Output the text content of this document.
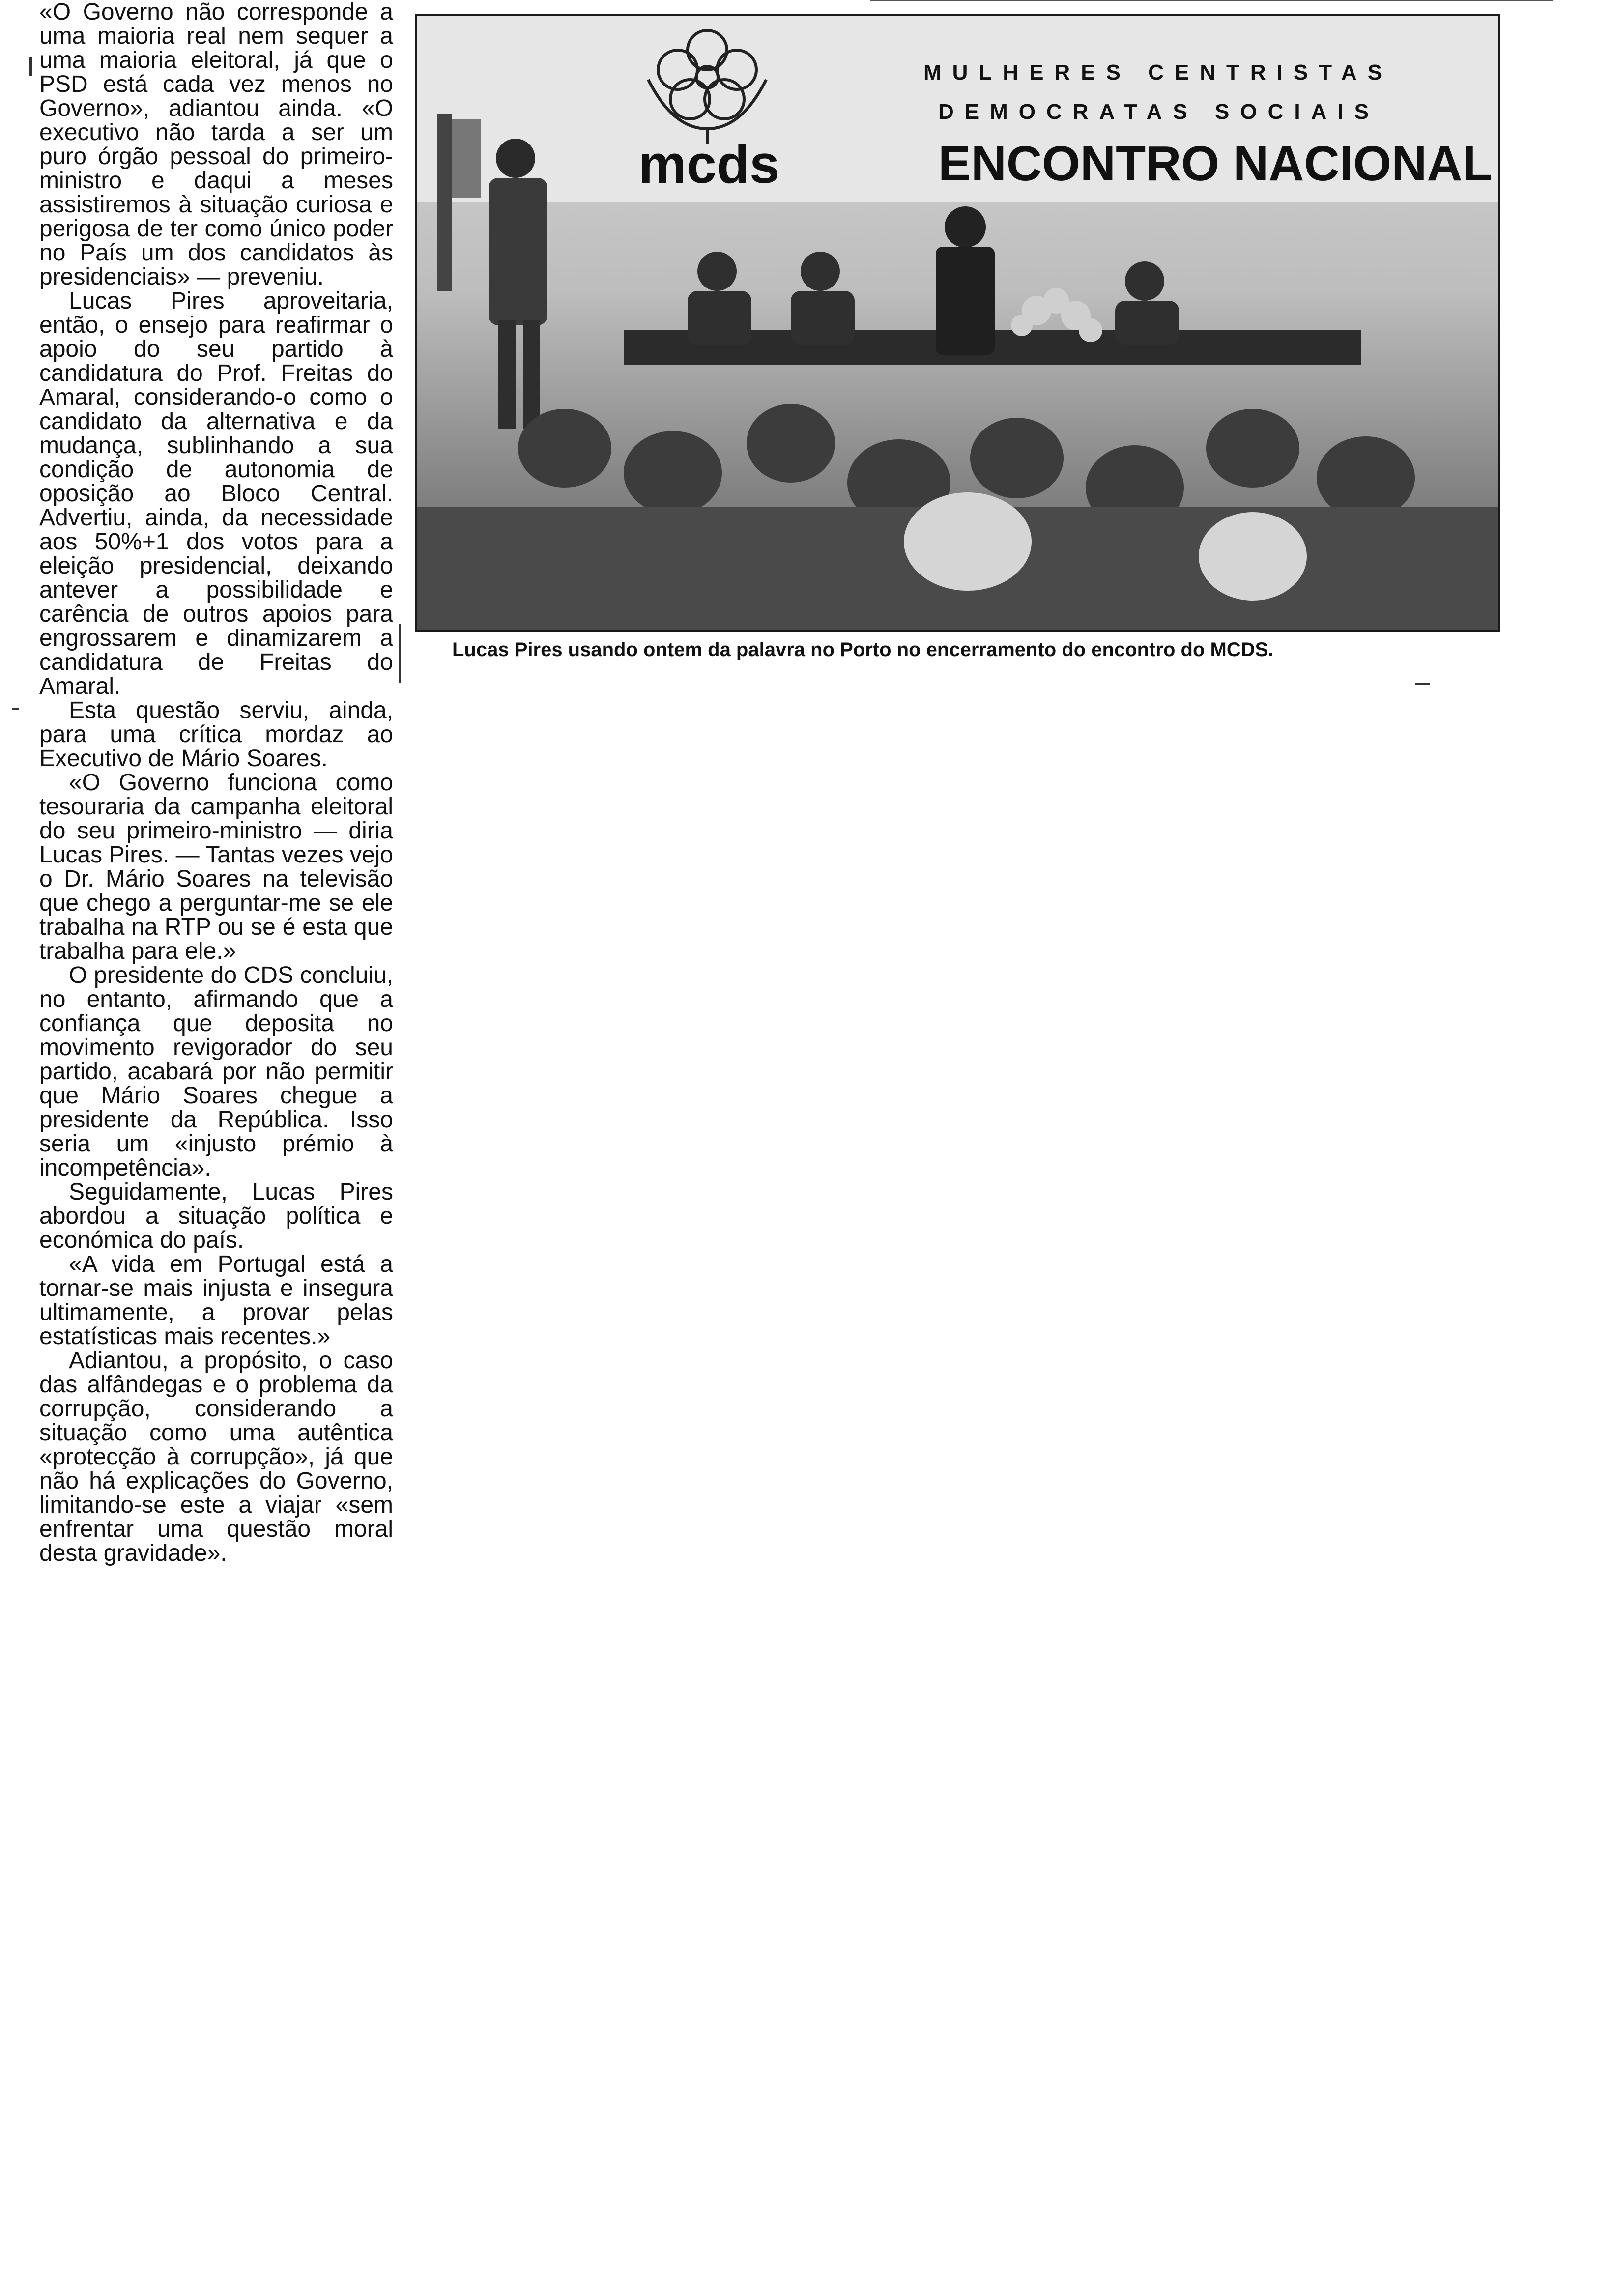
«O Governo não corresponde a uma maioria real nem sequer a uma maioria eleitoral, já que o PSD está cada vez menos no Governo», adiantou ainda. «O executivo não tarda a ser um puro órgão pessoal do primeiro-ministro e daqui a meses assistiremos à situação curiosa e perigosa de ter como único poder no País um dos candidatos às presidenciais» — preveniu.

Lucas Pires aproveitaria, então, o ensejo para reafirmar o apoio do seu partido à candidatura do Prof. Freitas do Amaral, considerando-o como o candidato da alternativa e da mudança, sublinhando a sua condição de autonomia de oposição ao Bloco Central. Advertiu, ainda, da necessidade aos 50%+1 dos votos para a eleição presidencial, deixando antever a possibilidade e carência de outros apoios para engrossarem e dinamizarem a candidatura de Freitas do Amaral.

Esta questão serviu, ainda, para uma crítica mordaz ao Executivo de Mário Soares.

«O Governo funciona como tesouraria da campanha eleitoral do seu primeiro-ministro — diria Lucas Pires. — Tantas vezes vejo o Dr. Mário Soares na televisão que chego a perguntar-me se ele trabalha na RTP ou se é esta que trabalha para ele.»

O presidente do CDS concluiu, no entanto, afirmando que a confiança que deposita no movimento revigorador do seu partido, acabará por não permitir que Mário Soares chegue a presidente da República. Isso seria um «injusto prémio à incompetência».

Seguidamente, Lucas Pires abordou a situação política e económica do país.

«A vida em Portugal está a tornar-se mais injusta e insegura ultimamente, a provar pelas estatísticas mais recentes.»

Adiantou, a propósito, o caso das alfândegas e o problema da corrupção, considerando a situação como uma autêntica «protecção à corrupção», já que não há explicações do Governo, limitando-se este a viajar «sem enfrentar uma questão moral desta gravidade».

mcds
MULHERES CENTRISTAS
DEMOCRATAS SOCIAIS
ENCONTRO NACIONAL
Lucas Pires usando ontem da palavra no Porto no encerramento do encontro do MCDS.
